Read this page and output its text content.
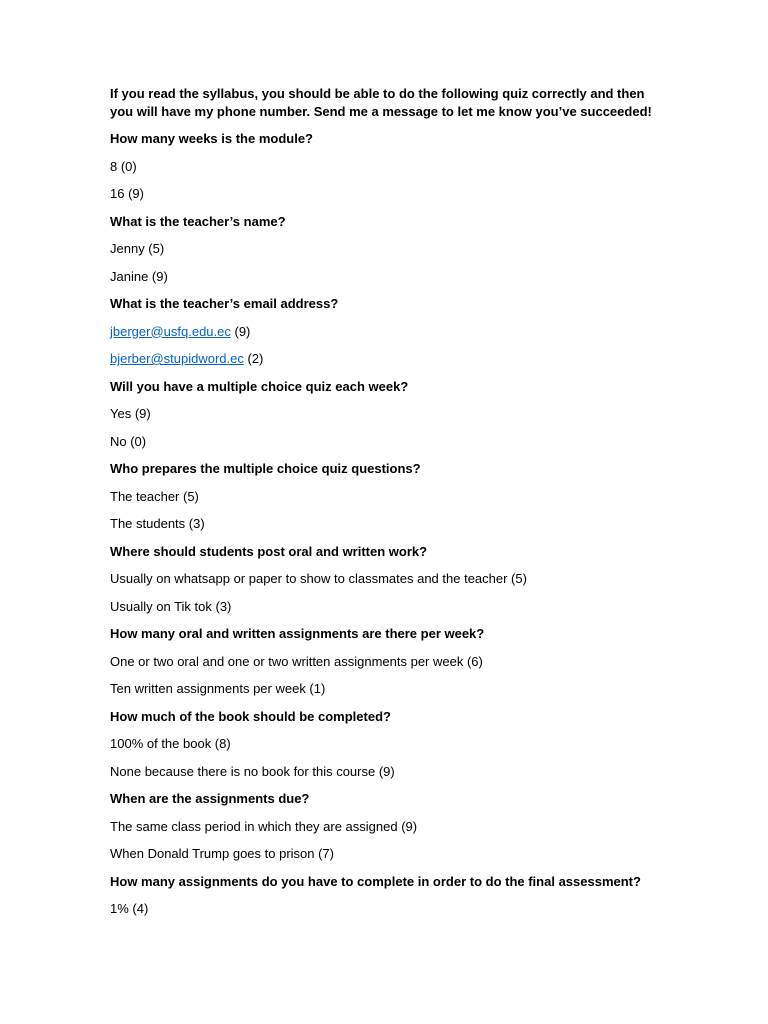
If you read the syllabus, you should be able to do the following quiz correctly and then you will have my phone number. Send me a message to let me know you’ve succeeded!

How many weeks is the module?

8 (0)

16 (9)

What is the teacher’s name?

Jenny (5)

Janine (9)

What is the teacher’s email address?

jberger@usfq.edu.ec (9)

bjerber@stupidword.ec (2)

Will you have a multiple choice quiz each week?

Yes (9)

No (0)

Who prepares the multiple choice quiz questions?

The teacher (5)

The students (3)

Where should students post oral and written work?

Usually on whatsapp or paper to show to classmates and the teacher (5)

Usually on Tik tok (3)

How many oral and written assignments are there per week?

One or two oral and one or two written assignments per week (6)

Ten written assignments per week (1)

How much of the book should be completed?

100% of the book (8)

None because there is no book for this course (9)

When are the assignments due?

The same class period in which they are assigned (9)

When Donald Trump goes to prison (7)

How many assignments do you have to complete in order to do the final assessment?

1% (4)
